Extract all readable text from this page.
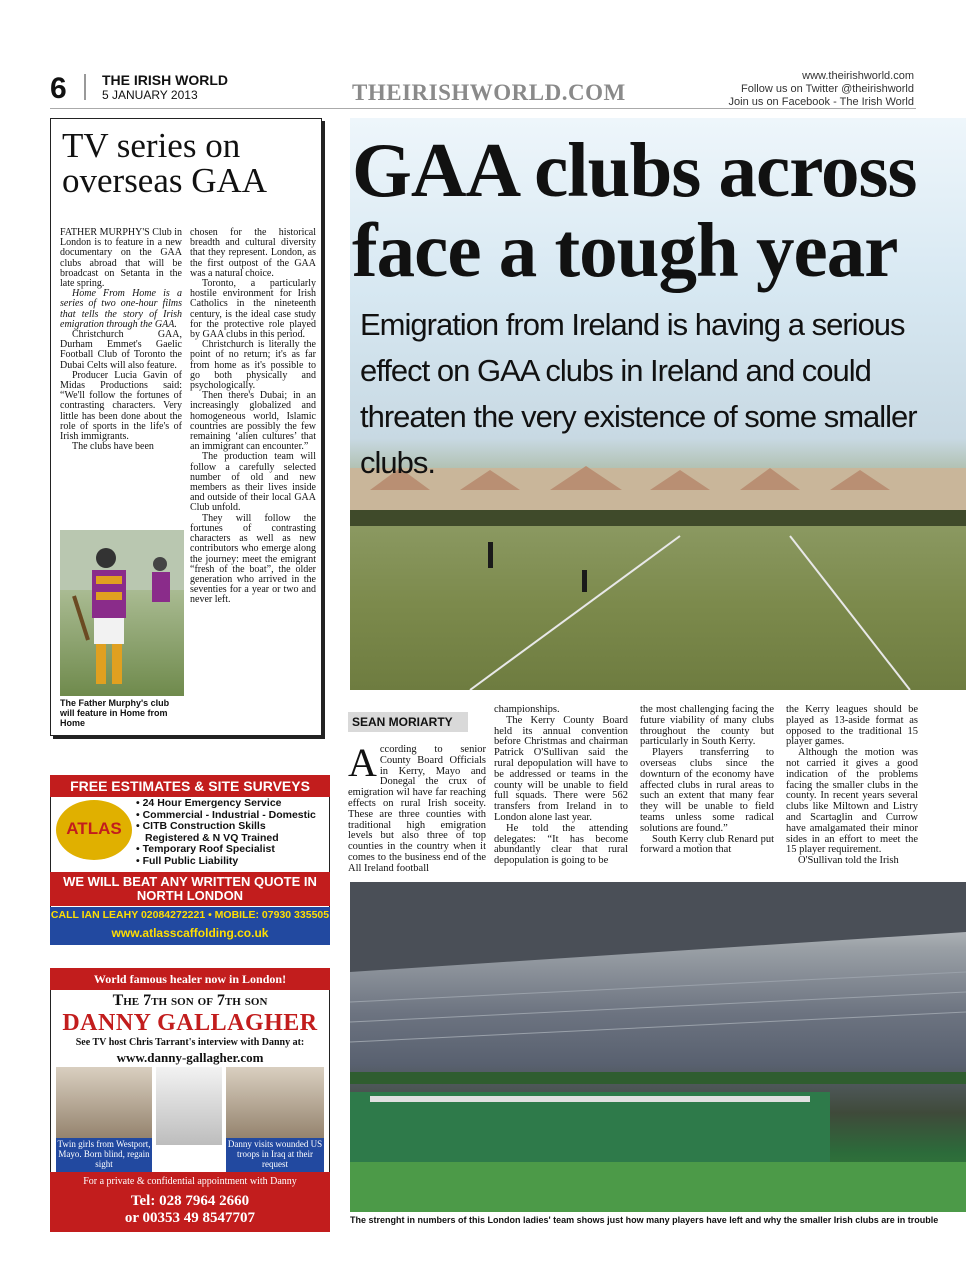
6	THE IRISH WORLD
5 JANUARY 2013	THEIRISHWORLD.COM
www.theirishworld.com
Follow us on Twitter @theirishworld
Join us on Facebook - The Irish World
TV series on overseas GAA

FATHER MURPHY'S Club in London is to feature in a new documentary on the GAA clubs abroad that will be broadcast on Setanta in the late spring.

Home From Home is a series of two one-hour films that tells the story of Irish emigration through the GAA.

Christchurch GAA, Durham Emmet's Gaelic Football Club of Toronto the Dubai Celts will also feature.

Producer Lucia Gavin of Midas Productions said: “We'll follow the fortunes of contrasting characters. Very little has been done about the role of sports in the life's of Irish immigrants.

The clubs have been

chosen for the historical breadth and cultural diversity that they represent. London, as the first outpost of the GAA was a natural choice.

Toronto, a particularly hostile environment for Irish Catholics in the nineteenth century, is the ideal case study for the protective role played by GAA clubs in this period.

Christchurch is literally the point of no return; it's as far from home as it's possible to go both physically and psychologically.

Then there's Dubai; in an increasingly globalized and homogeneous world, Islamic countries are possibly the few remaining ‘alien cultures’ that an immigrant can encounter.”

The production team will follow a carefully selected number of old and new members as their lives inside and outside of their local GAA Club unfold.

They will follow the fortunes of contrasting characters as well as new contributors who emerge along the journey: meet the emigrant “fresh of the boat”, the older generation who arrived in the seventies for a year or two and never left.

The Father Murphy's club will feature in Home from Home
GAA clubs across face a tough year
Emigration from Ireland is having a serious effect on GAA clubs in Ireland and could threaten the very existence of some smaller clubs.
SEAN MORIARTY

According to senior County Board Officials in Kerry, Mayo and Donegal the crux of emigration wil have far reaching effects on rural Irish soceity. These are three counties with traditional high emigration levels but also three of top counties in the country when it comes to the business end of the All Ireland football

championships.

The Kerry County Board held its annual convention before Christmas and chairman Patrick O'Sullivan said the rural depopulation will have to be addressed or teams in the county will be unable to field full squads. There were 562 transfers from Ireland in to London alone last year.

He told the attending delegates: “It has become abundantly clear that rural depopulation is going to be

the most challenging facing the future viability of many clubs throughout the county but particularly in South Kerry.

Players transferring to overseas clubs since the downturn of the economy have affected clubs in rural areas to such an extent that many fear they will be unable to field teams unless some radical solutions are found.”

South Kerry club Renard put forward a motion that

the Kerry leagues should be played as 13-aside format as opposed to the traditional 15 player games.

Although the motion was not carried it gives a good indication of the problems facing the smaller clubs in the county. In recent years several clubs like Miltown and Listry and Scartaglin and Currow have amalgamated their minor sides in an effort to meet the 15 player requirement.

O'Sullivan told the Irish

The strenght in numbers of this London ladies' team shows just how many players have left and why the smaller Irish clubs are in trouble
FREE ESTIMATES & SITE SURVEYS
ATLAS
• 24 Hour Emergency Service
• Commercial - Industrial - Domestic
• CITB Construction Skills
Registered & N VQ Trained
• Temporary Roof Specialist
• Full Public Liability
WE WILL BEAT ANY WRITTEN QUOTE IN NORTH LONDON
CALL IAN LEAHY 02084272221 • MOBILE: 07930 335505
www.atlasscaffolding.co.uk
World famous healer now in London!
The 7th son of 7th son
DANNY GALLAGHER
See TV host Chris Tarrant's interview with Danny at:
www.danny-gallagher.com
Twin girls from Westport, Mayo. Born blind, regain sight
Danny visits wounded US troops in Iraq at their request
For a private & confidential appointment with Danny
Tel: 028 7964 2660
or 00353 49 8547707
